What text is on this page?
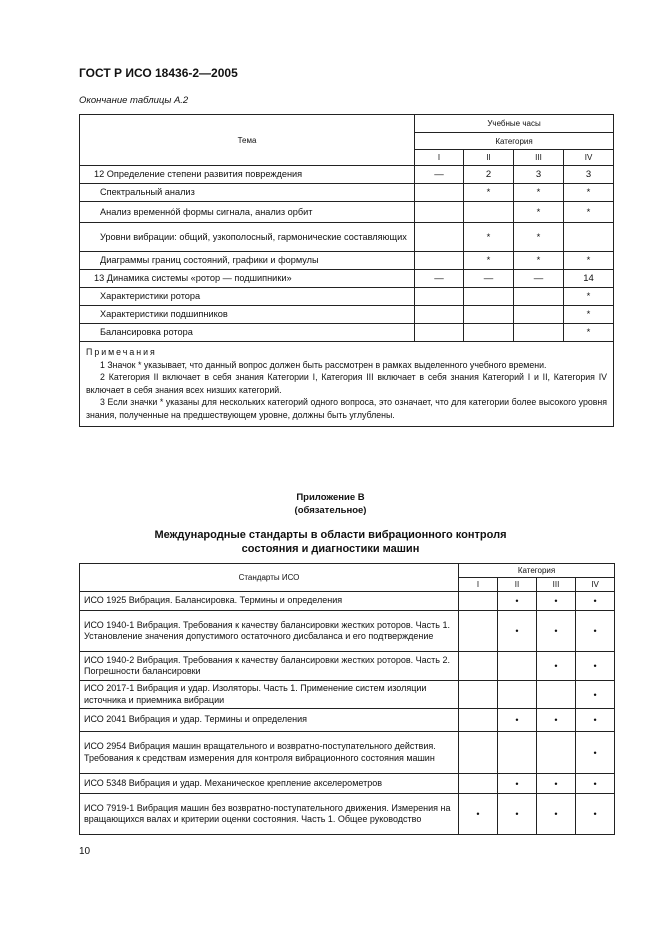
ГОСТ Р ИСО 18436-2—2005
Окончание таблицы А.2
Тема	Учебные часы			
	Категория			
	I	II	III	IV
12 Определение степени развития повреждения	—	2	3	3
Спектральный анализ		*	*	*
Анализ временнóй формы сигнала, анализ орбит			*	*
Уровни вибрации: общий, узкополосный, гармонические составляющих		*	*	
Диаграммы границ состояний, графики и формулы		*	*	*
13 Динамика системы «ротор — подшипники»	—	—	—	14
Характеристики ротора				*
Характеристики подшипников				*
Балансировка ротора				*

Примечания

1 Значок * указывает, что данный вопрос должен быть рассмотрен в рамках выделенного учебного времени.

2 Категория II включает в себя знания Категории I, Категория III включает в себя знания Категорий I и II, Категория IV включает в себя знания всех низших категорий.

3 Если значки * указаны для нескольких категорий одного вопроса, это означает, что для категории более высокого уровня знания, полученные на предшествующем уровне, должны быть углублены.				

Приложение В
(обязательное)
Международные стандарты в области вибрационного контроля
состояния и диагностики машин
Стандарты ИСО	Категория			
	I	II	III	IV
ИСО 1925 Вибрация. Балансировка. Термины и определения		•	•	•
ИСО 1940-1 Вибрация. Требования к качеству балансировки жестких роторов. Часть 1. Установление значения допустимого остаточного дисбаланса и его подтверждение		•	•	•
ИСО 1940-2 Вибрация. Требования к качеству балансировки жестких роторов. Часть 2. Погрешности балансировки			•	•
ИСО 2017-1 Вибрация и удар. Изоляторы. Часть 1. Применение систем изоляции источника и приемника вибрации				•
ИСО 2041 Вибрация и удар. Термины и определения		•	•	•
ИСО 2954 Вибрация машин вращательного и возвратно-поступательного действия. Требования к средствам измерения для контроля вибрационного состояния машин				•
ИСО 5348 Вибрация и удар. Механическое крепление акселерометров		•	•	•
ИСО 7919-1 Вибрация машин без возвратно-поступательного движения. Измерения на вращающихся валах и критерии оценки состояния. Часть 1. Общее руководство	•	•	•	•
10
